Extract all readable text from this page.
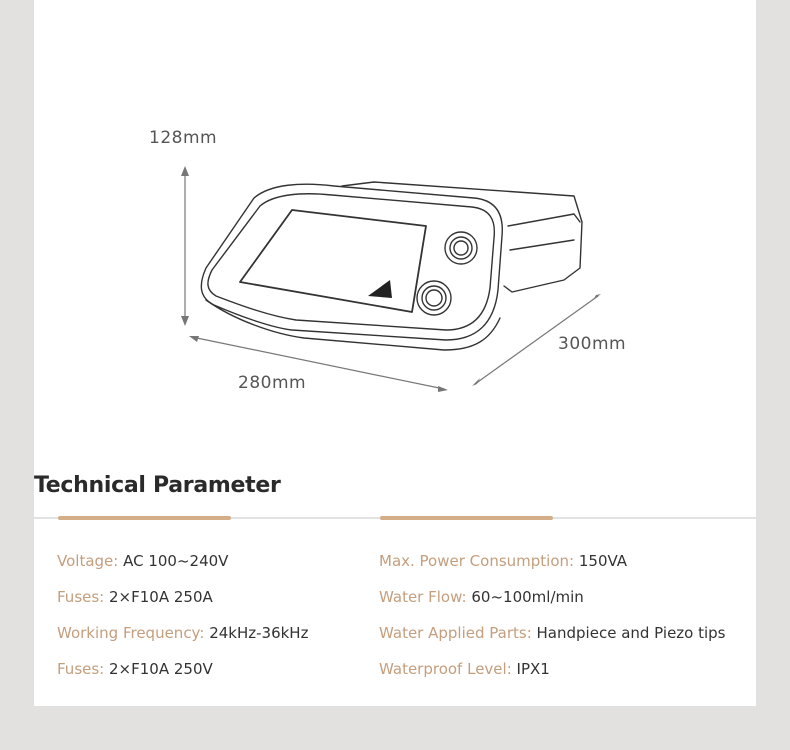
128mm
280mm
300mm
Technical Parameter
Voltage: AC 100~240V
Fuses: 2×F10A 250A
Working Frequency: 24kHz-36kHz
Fuses: 2×F10A 250V
Max. Power Consumption: 150VA
Water Flow: 60~100ml/min
Water Applied Parts: Handpiece and Piezo tips
Waterproof Level: IPX1
